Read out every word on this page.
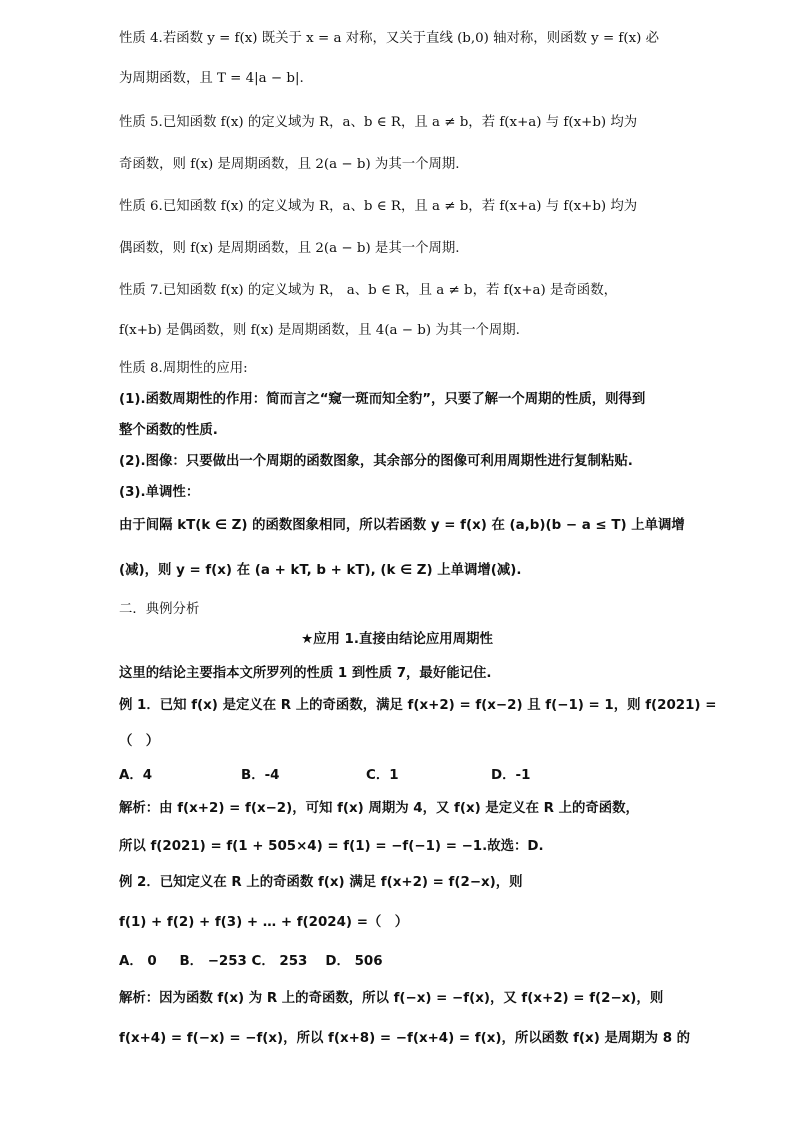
性质 4.若函数 y = f(x) 既关于 x = a 对称，又关于直线 (b,0) 轴对称，则函数 y = f(x) 必
为周期函数，且 T = 4|a − b|.
性质 5.已知函数 f(x) 的定义域为 R，a、b ∈ R，且 a ≠ b，若 f(x+a) 与 f(x+b) 均为
奇函数，则 f(x) 是周期函数，且 2(a − b) 为其一个周期.
性质 6.已知函数 f(x) 的定义域为 R，a、b ∈ R，且 a ≠ b，若 f(x+a) 与 f(x+b) 均为
偶函数，则 f(x) 是周期函数，且 2(a − b) 是其一个周期.
性质 7.已知函数 f(x) 的定义域为 R， a、b ∈ R，且 a ≠ b，若 f(x+a) 是奇函数，
f(x+b) 是偶函数，则 f(x) 是周期函数，且 4(a − b) 为其一个周期.
性质 8.周期性的应用:
(1).函数周期性的作用：简而言之“窥一斑而知全豹”，只要了解一个周期的性质，则得到
整个函数的性质.
(2).图像：只要做出一个周期的函数图象，其余部分的图像可利用周期性进行复制粘贴.
(3).单调性：
由于间隔 kT(k ∈ Z) 的函数图象相同，所以若函数 y = f(x) 在 (a,b)(b − a ≤ T) 上单调增
(减)，则 y = f(x) 在 (a + kT, b + kT), (k ∈ Z) 上单调增(减).
二．典例分析
这里的结论主要指本文所罗列的性质 1 到性质 7，最好能记住.
例 1．已知 f(x) 是定义在 R 上的奇函数，满足 f(x+2) = f(x−2) 且 f(−1) = 1，则 f(2021) =
（　）
解析：由 f(x+2) = f(x−2)，可知 f(x) 周期为 4，又 f(x) 是定义在 R 上的奇函数，
所以 f(2021) = f(1 + 505×4) = f(1) = −f(−1) = −1.故选：D.
例 2．已知定义在 R 上的奇函数 f(x) 满足 f(x+2) = f(2−x)，则
f(1) + f(2) + f(3) + … + f(2024) =（　）
解析：因为函数 f(x) 为 R 上的奇函数，所以 f(−x) = −f(x)，又 f(x+2) = f(2−x)，则
f(x+4) = f(−x) = −f(x)，所以 f(x+8) = −f(x+4) = f(x)，所以函数 f(x) 是周期为 8 的
★应用 1.直接由结论应用周期性
A．4	B．-4	C．1	D．-1
A． 0 　 B． −253 C． 253 　D． 506
